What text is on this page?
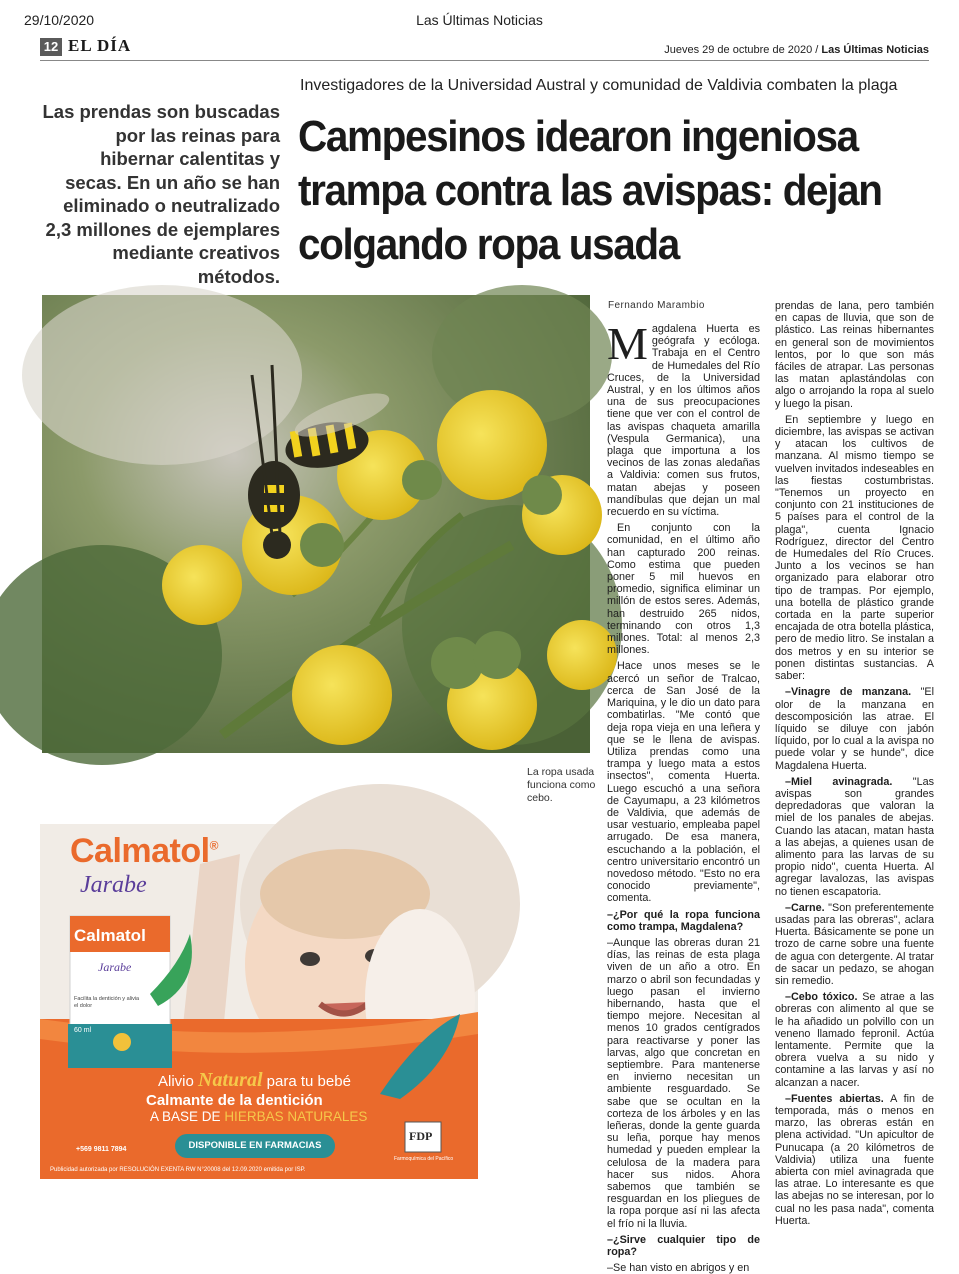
29/10/2020	Las Últimas Noticias
12 EL DÍA	Jueves 29 de octubre de 2020 / Las Últimas Noticias
Investigadores de la Universidad Austral y comunidad de Valdivia combaten la plaga
Las prendas son buscadas por las reinas para hibernar calentitas y secas. En un año se han eliminado o neutralizado 2,3 millones de ejemplares mediante creativos métodos.
Campesinos idearon ingeniosa trampa contra las avispas: dejan colgando ropa usada
La ropa usada funciona como cebo.
Calmatol®
Jarabe
Calmatol
Jarabe
Facilita la dentición y alivia el dolor
60 ml
Alivio Natural para tu bebé
Calmante de la dentición
A BASE DE HIERBAS NATURALES
DISPONIBLE EN FARMACIAS
+569 9811 7894
Publicidad autorizada por RESOLUCIÓN EXENTA RW N°20008 del 12.09.2020 emitida por ISP.
FDP
Farmoquímica del Pacífico
Fernando Marambio

Magdalena Huerta es geógrafa y ecóloga. Trabaja en el Centro de Humedales del Río Cruces, de la Universidad Austral, y en los últimos años una de sus preocupaciones tiene que ver con el control de las avispas chaqueta amarilla (Vespula Germanica), una plaga que importuna a los vecinos de las zonas aledañas a Valdivia: comen sus frutos, matan abejas y poseen mandíbulas que dejan un mal recuerdo en su víctima.

En conjunto con la comunidad, en el último año han capturado 200 reinas. Como estima que pueden poner 5 mil huevos en promedio, significa eliminar un millón de estos seres. Además, han destruido 265 nidos, terminando con otros 1,3 millones. Total: al menos 2,3 millones.

Hace unos meses se le acercó un señor de Tralcao, cerca de San José de la Mariquina, y le dio un dato para combatirlas. "Me contó que deja ropa vieja en una leñera y que se le llena de avispas. Utiliza prendas como una trampa y luego mata a estos insectos", comenta Huerta. Luego escuchó a una señora de Cayumapu, a 23 kilómetros de Valdivia, que además de usar vestuario, empleaba papel arrugado. De esa manera, escuchando a la población, el centro universitario encontró un novedoso método. "Esto no era conocido previamente", comenta.

–¿Por qué la ropa funciona como trampa, Magdalena?

–Aunque las obreras duran 21 días, las reinas de esta plaga viven de un año a otro. En marzo o abril son fecundadas y luego pasan el invierno hibernando, hasta que el tiempo mejore. Necesitan al menos 10 grados centígrados para reactivarse y poner las larvas, algo que concretan en septiembre. Para mantenerse en invierno necesitan un ambiente resguardado. Se sabe que se ocultan en la corteza de los árboles y en las leñeras, donde la gente guarda su leña, porque hay menos humedad y pueden emplear la celulosa de la madera para hacer sus nidos. Ahora sabemos que también se resguardan en los pliegues de la ropa porque así ni las afecta el frío ni la lluvia.

–¿Sirve cualquier tipo de ropa?

–Se han visto en abrigos y en

prendas de lana, pero también en capas de lluvia, que son de plástico. Las reinas hibernantes en general son de movimientos lentos, por lo que son más fáciles de atrapar. Las personas las matan aplastándolas con algo o arrojando la ropa al suelo y luego la pisan.

En septiembre y luego en diciembre, las avispas se activan y atacan los cultivos de manzana. Al mismo tiempo se vuelven invitados indeseables en las fiestas costumbristas. "Tenemos un proyecto en conjunto con 21 instituciones de 5 países para el control de la plaga", cuenta Ignacio Rodríguez, director del Centro de Humedales del Río Cruces. Junto a los vecinos se han organizado para elaborar otro tipo de trampas. Por ejemplo, una botella de plástico grande cortada en la parte superior encajada de otra botella plástica, pero de medio litro. Se instalan a dos metros y en su interior se ponen distintas sustancias. A saber:

–Vinagre de manzana. "El olor de la manzana en descomposición las atrae. El líquido se diluye con jabón líquido, por lo cual a la avispa no puede volar y se hunde", dice Magdalena Huerta.

–Miel avinagrada. "Las avispas son grandes depredadoras que valoran la miel de los panales de abejas. Cuando las atacan, matan hasta a las abejas, a quienes usan de alimento para las larvas de su propio nido", cuenta Huerta. Al agregar lavalozas, las avispas no tienen escapatoria.

–Carne. "Son preferentemente usadas para las obreras", aclara Huerta. Básicamente se pone un trozo de carne sobre una fuente de agua con detergente. Al tratar de sacar un pedazo, se ahogan sin remedio.

–Cebo tóxico. Se atrae a las obreras con alimento al que se le ha añadido un polvillo con un veneno llamado fepronil. Actúa lentamente. Permite que la obrera vuelva a su nido y contamine a las larvas y así no alcanzan a nacer.

–Fuentes abiertas. A fin de temporada, más o menos en marzo, las obreras están en plena actividad. "Un apicultor de Punucapa (a 20 kilómetros de Valdivia) utiliza una fuente abierta con miel avinagrada que las atrae. Lo interesante es que las abejas no se interesan, por lo cual no les pasa nada", comenta Huerta.
